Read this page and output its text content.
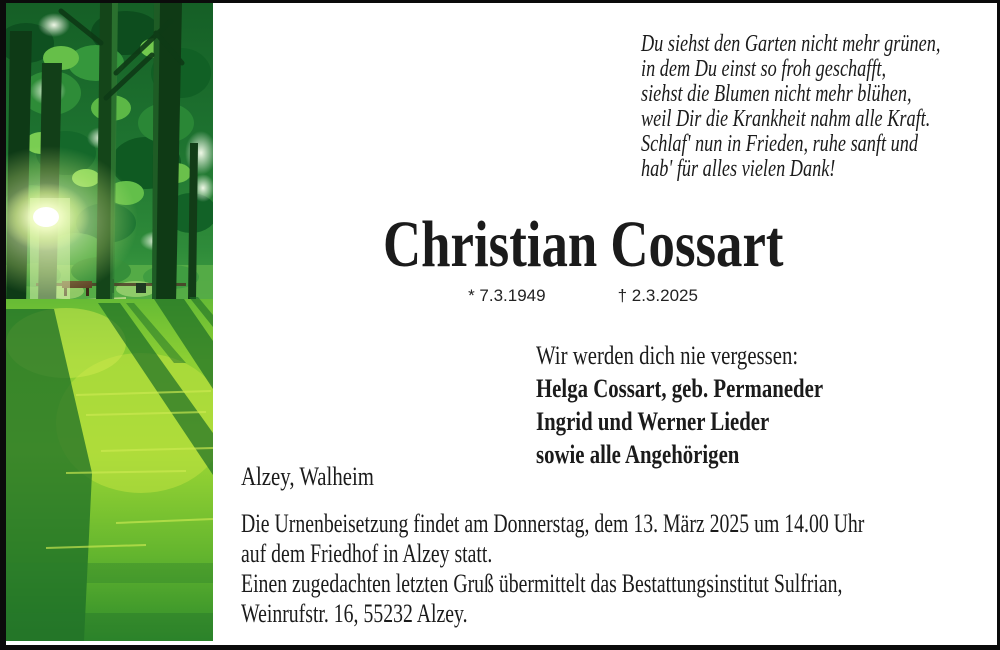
Du siehst den Garten nicht mehr grünen,
in dem Du einst so froh geschafft,
siehst die Blumen nicht mehr blühen,
weil Dir die Krankheit nahm alle Kraft.
Schlaf' nun in Frieden, ruhe sanft und
hab' für alles vielen Dank!
Christian Cossart
* 7.3.1949	† 2.3.2025
Wir werden dich nie vergessen:
Helga Cossart, geb. Permaneder
Ingrid und Werner Lieder
sowie alle Angehörigen
Alzey, Walheim
Die Urnenbeisetzung findet am Donnerstag, dem 13. März 2025 um 14.00 Uhr
auf dem Friedhof in Alzey statt.
Einen zugedachten letzten Gruß übermittelt das Bestattungsinstitut Sulfrian,
Weinrufstr. 16, 55232 Alzey.
